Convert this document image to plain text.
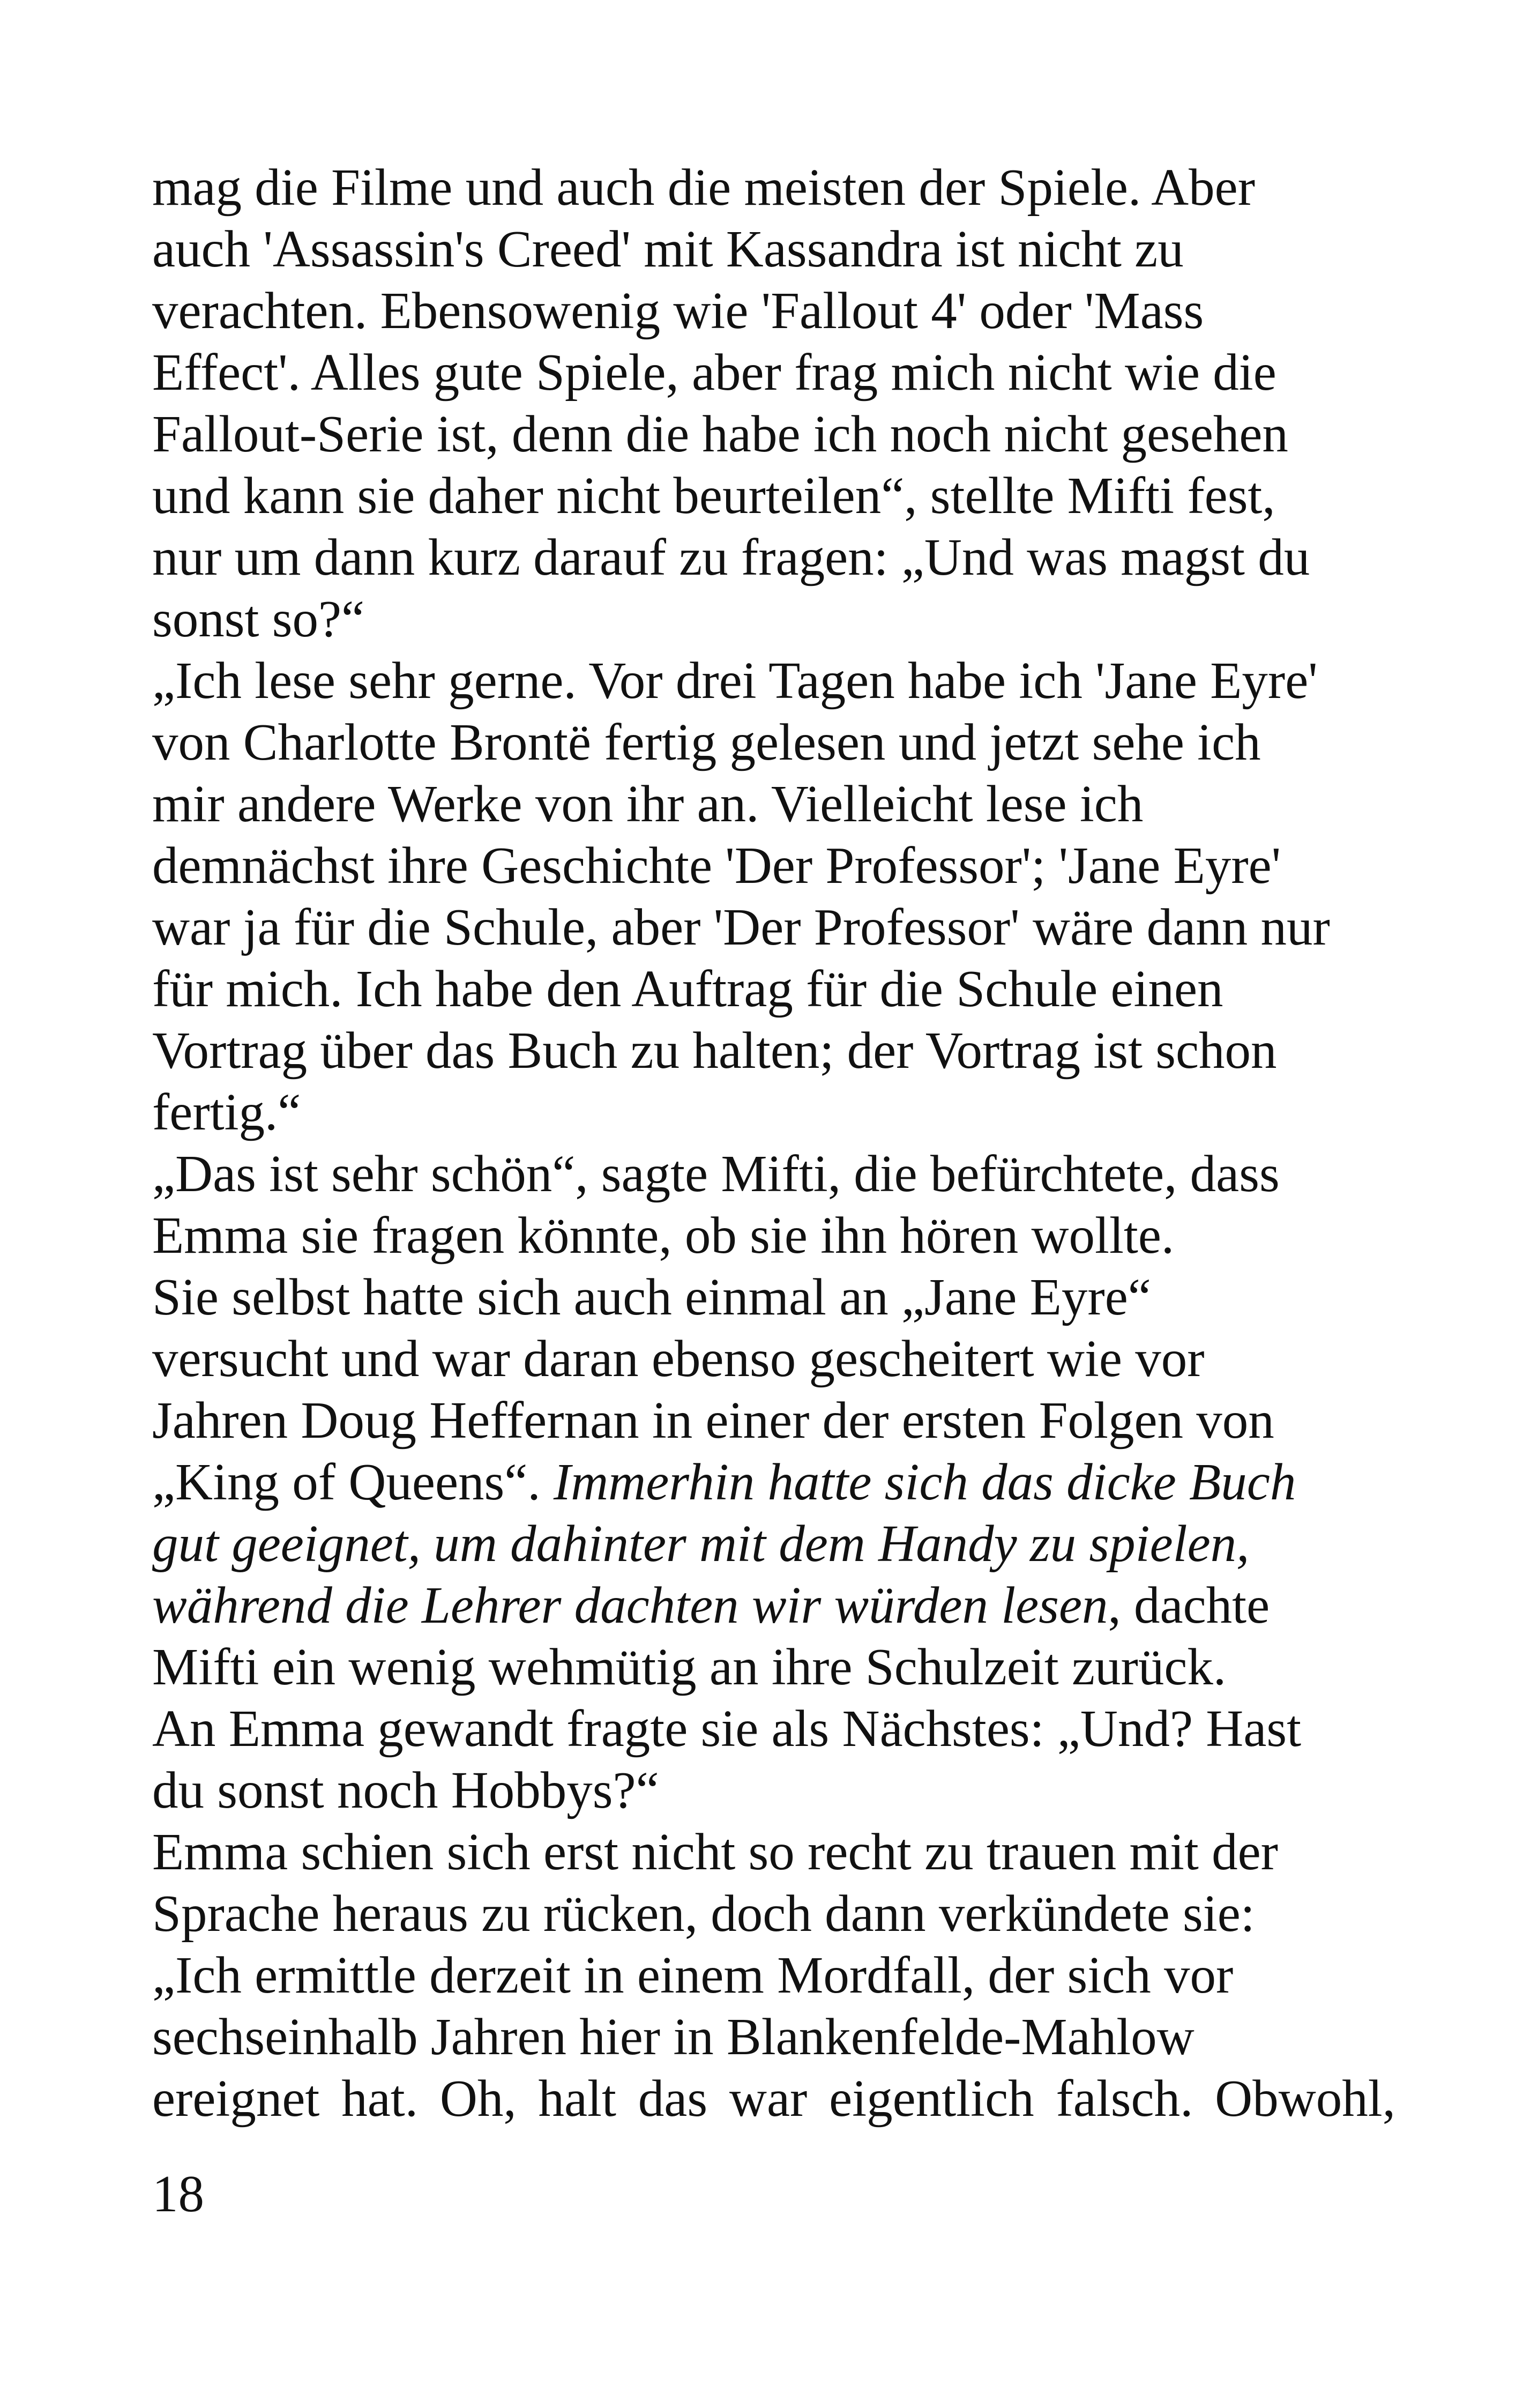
mag die Filme und auch die meisten der Spiele. Aber
auch 'Assassin's Creed' mit Kassandra ist nicht zu
verachten. Ebensowenig wie 'Fallout 4' oder 'Mass
Effect'. Alles gute Spiele, aber frag mich nicht wie die
Fallout-Serie ist, denn die habe ich noch nicht gesehen
und kann sie daher nicht beurteilen“, stellte Mifti fest,
nur um dann kurz darauf zu fragen: „Und was magst du
sonst so?“
„Ich lese sehr gerne. Vor drei Tagen habe ich 'Jane Eyre'
von Charlotte Brontë fertig gelesen und jetzt sehe ich
mir andere Werke von ihr an. Vielleicht lese ich
demnächst ihre Geschichte 'Der Professor'; 'Jane Eyre'
war ja für die Schule, aber 'Der Professor' wäre dann nur
für mich. Ich habe den Auftrag für die Schule einen
Vortrag über das Buch zu halten; der Vortrag ist schon
fertig.“
„Das ist sehr schön“, sagte Mifti, die befürchtete, dass
Emma sie fragen könnte, ob sie ihn hören wollte.
Sie selbst hatte sich auch einmal an „Jane Eyre“
versucht und war daran ebenso gescheitert wie vor
Jahren Doug Heffernan in einer der ersten Folgen von
„King of Queens“. Immerhin hatte sich das dicke Buch
gut geeignet, um dahinter mit dem Handy zu spielen,
während die Lehrer dachten wir würden lesen, dachte
Mifti ein wenig wehmütig an ihre Schulzeit zurück.
An Emma gewandt fragte sie als Nächstes: „Und? Hast
du sonst noch Hobbys?“
Emma schien sich erst nicht so recht zu trauen mit der
Sprache heraus zu rücken, doch dann verkündete sie:
„Ich ermittle derzeit in einem Mordfall, der sich vor
sechseinhalb Jahren hier in Blankenfelde-Mahlow
ereignet hat. Oh, halt das war eigentlich falsch. Obwohl,
18
